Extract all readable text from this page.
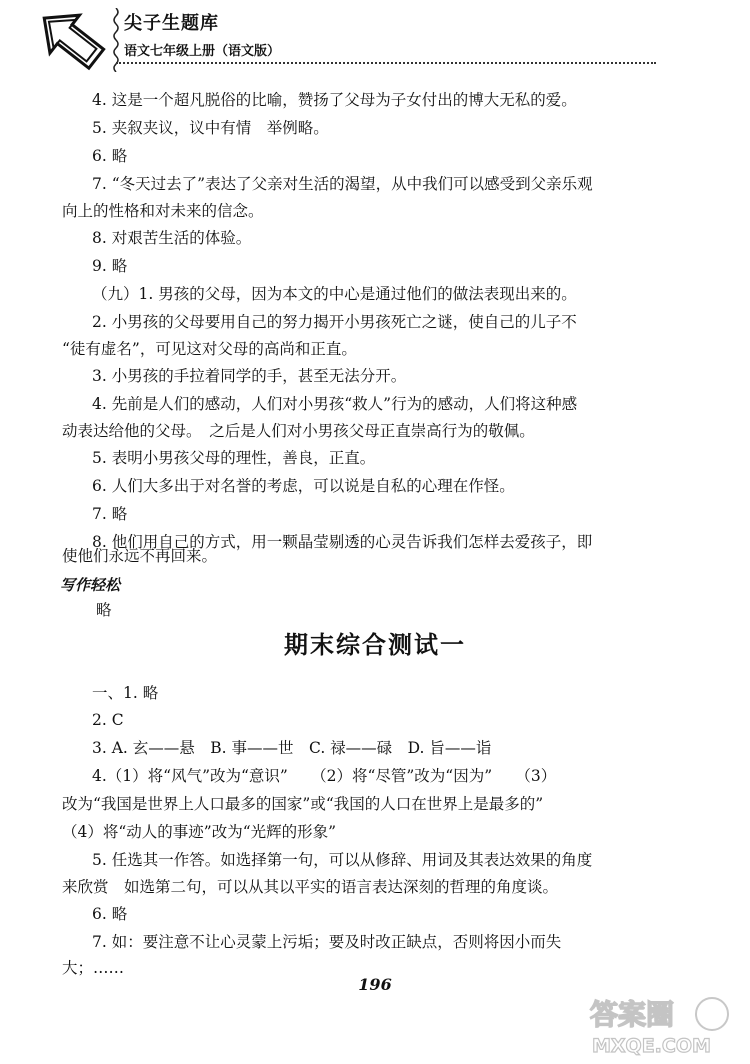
尖子生题库
语文七年级上册（语文版）
4. 这是一个超凡脱俗的比喻，赞扬了父母为子女付出的博大无私的爱。
5. 夹叙夹议，议中有情　举例略。
6. 略
7. “冬天过去了”表达了父亲对生活的渴望，从中我们可以感受到父亲乐观
向上的性格和对未来的信念。
8. 对艰苦生活的体验。
9. 略
（九）1. 男孩的父母，因为本文的中心是通过他们的做法表现出来的。
2. 小男孩的父母要用自己的努力揭开小男孩死亡之谜，使自己的儿子不
“徒有虚名”，可见这对父母的高尚和正直。
3. 小男孩的手拉着同学的手，甚至无法分开。
4. 先前是人们的感动，人们对小男孩“救人”行为的感动，人们将这种感
动表达给他的父母。　之后是人们对小男孩父母正直崇高行为的敬佩。
5. 表明小男孩父母的理性，善良，正直。
6. 人们大多出于对名誉的考虑，可以说是自私的心理在作怪。
7. 略
8. 他们用自己的方式，用一颗晶莹剔透的心灵告诉我们怎样去爱孩子，即
使他们永远不再回来。
写作轻松
略
期末综合测试一
一、1. 略
2. C
3. A. 玄——悬　B. 事——世　C. 禄——碌　D. 旨——诣
4.（1）将“风气”改为“意识”　　（2）将“尽管”改为“因为”　　（3）
改为“我国是世界上人口最多的国家”或“我国的人口在世界上是最多的”
（4）将“动人的事迹”改为“光辉的形象”
5. 任选其一作答。如选择第一句，可以从修辞、用词及其表达效果的角度
来欣赏　如选第二句，可以从其以平实的语言表达深刻的哲理的角度谈。
6. 略
7. 如：要注意不让心灵蒙上污垢；要及时改正缺点，否则将因小而失
大；……
196
答案圈
MXQE.COM
